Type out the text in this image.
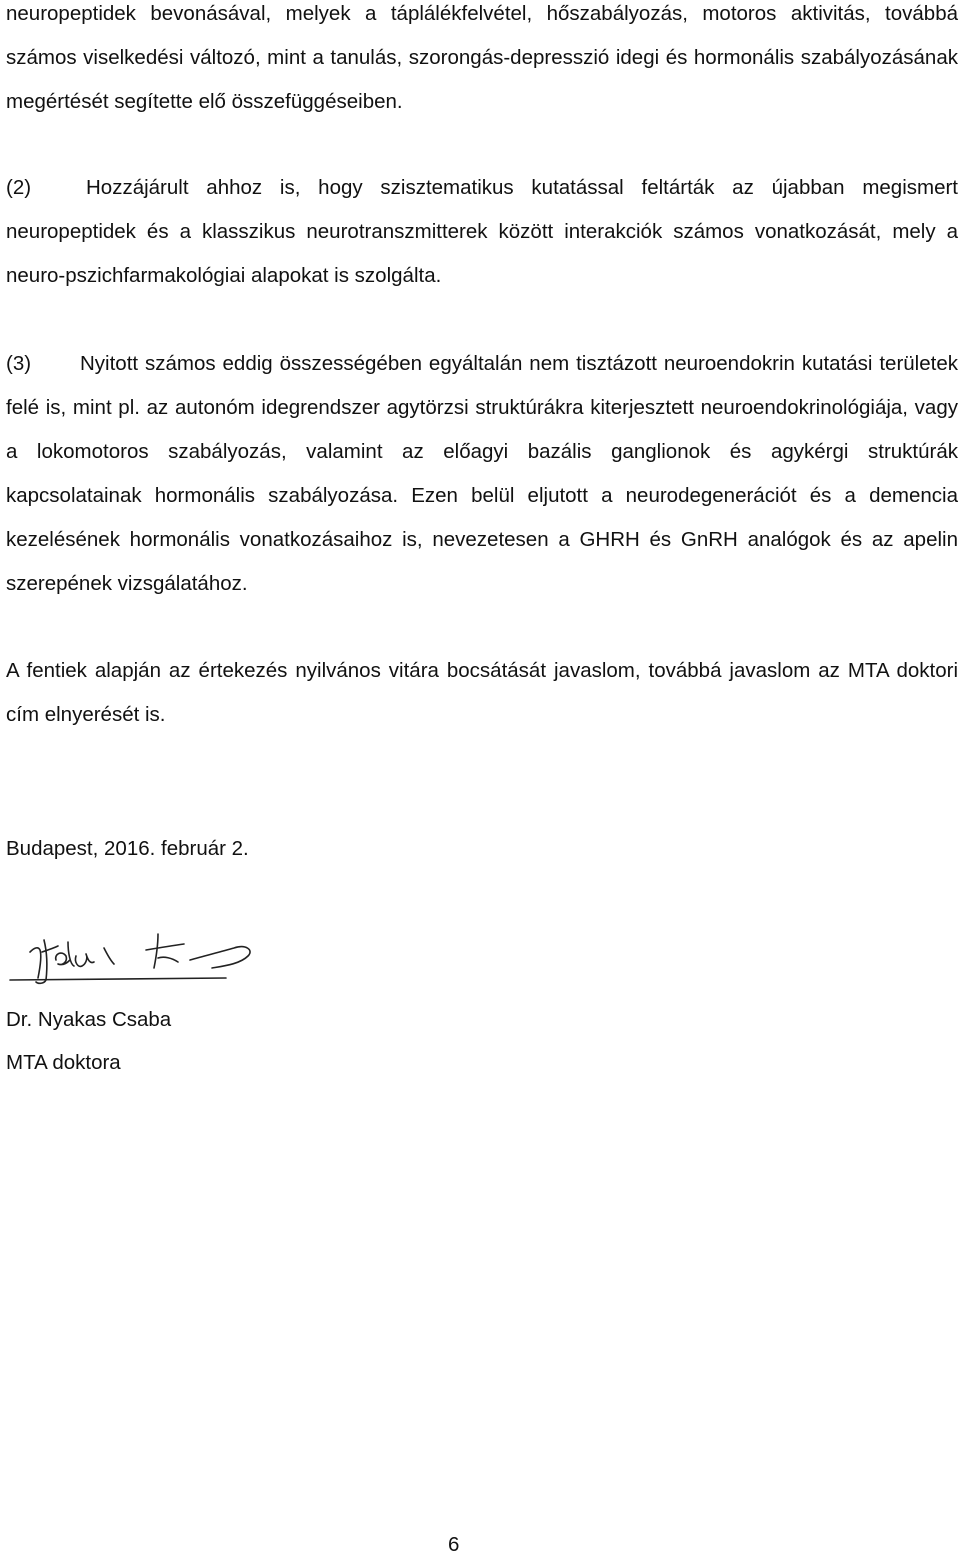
neuropeptidek bevonásával, melyek a táplálékfelvétel, hőszabályozás, motoros aktivitás, továbbá számos viselkedési változó, mint a tanulás, szorongás-depresszió idegi és hormonális szabályozásának megértését segítette elő összefüggéseiben.

(2)	Hozzájárult ahhoz is, hogy szisztematikus kutatással feltárták az újabban megismert neuropeptidek és a klasszikus neurotranszmitterek között interakciók számos vonatkozását, mely a neuro-pszichfarmakológiai alapokat is szolgálta.

(3) Nyitott számos eddig összességében egyáltalán nem tisztázott neuroendokrin kutatási területek felé is, mint pl. az autonóm idegrendszer agytörzsi struktúrákra kiterjesztett neuroendokrinológiája, vagy a lokomotoros szabályozás, valamint az előagyi bazális ganglionok és agykérgi struktúrák kapcsolatainak hormonális szabályozása. Ezen belül eljutott a neurodegenerációt és a demencia kezelésének hormonális vonatkozásaihoz is, nevezetesen a GHRH és GnRH analógok és az apelin szerepének vizsgálatához.

A fentiek alapján az értekezés nyilvános vitára bocsátását javaslom, továbbá javaslom az MTA doktori cím elnyerését is.

Budapest, 2016. február 2.

Dr. Nyakas Csaba

MTA doktora

6
